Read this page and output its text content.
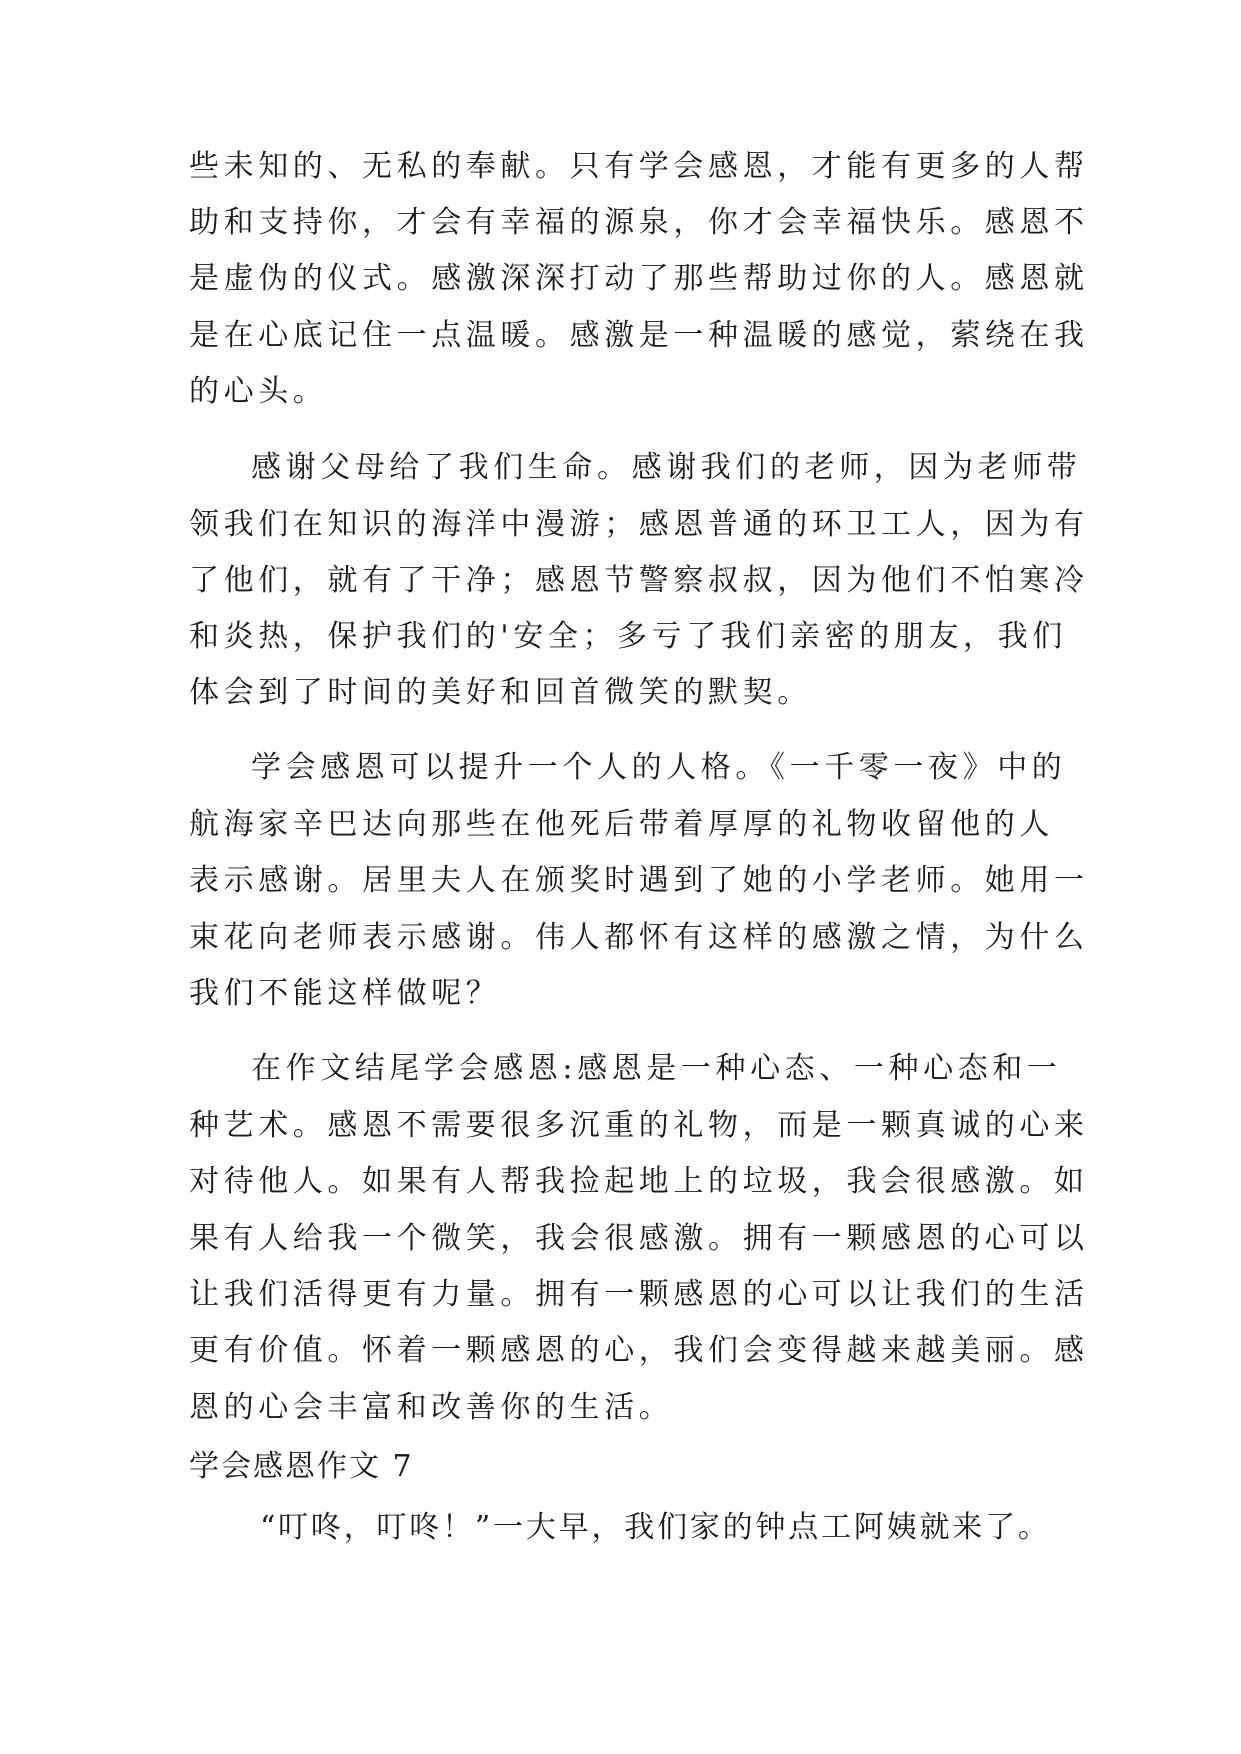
些未知的、无私的奉献。只有学会感恩，才能有更多的人帮
助和支持你，才会有幸福的源泉，你才会幸福快乐。感恩不
是虚伪的仪式。感激深深打动了那些帮助过你的人。感恩就
是在心底记住一点温暖。感激是一种温暖的感觉，萦绕在我
的心头。
感谢父母给了我们生命。感谢我们的老师，因为老师带
领我们在知识的海洋中漫游；感恩普通的环卫工人，因为有
了他们，就有了干净；感恩节警察叔叔，因为他们不怕寒冷
和炎热，保护我们的'安全；多亏了我们亲密的朋友，我们
体会到了时间的美好和回首微笑的默契。
学会感恩可以提升一个人的人格。《一千零一夜》中的
航海家辛巴达向那些在他死后带着厚厚的礼物收留他的人
表示感谢。居里夫人在颁奖时遇到了她的小学老师。她用一
束花向老师表示感谢。伟人都怀有这样的感激之情，为什么
我们不能这样做呢？
在作文结尾学会感恩:感恩是一种心态、一种心态和一
种艺术。感恩不需要很多沉重的礼物，而是一颗真诚的心来
对待他人。如果有人帮我捡起地上的垃圾，我会很感激。如
果有人给我一个微笑，我会很感激。拥有一颗感恩的心可以
让我们活得更有力量。拥有一颗感恩的心可以让我们的生活
更有价值。怀着一颗感恩的心，我们会变得越来越美丽。感
恩的心会丰富和改善你的生活。
学会感恩作文 7
“叮咚，叮咚！”一大早，我们家的钟点工阿姨就来了。
